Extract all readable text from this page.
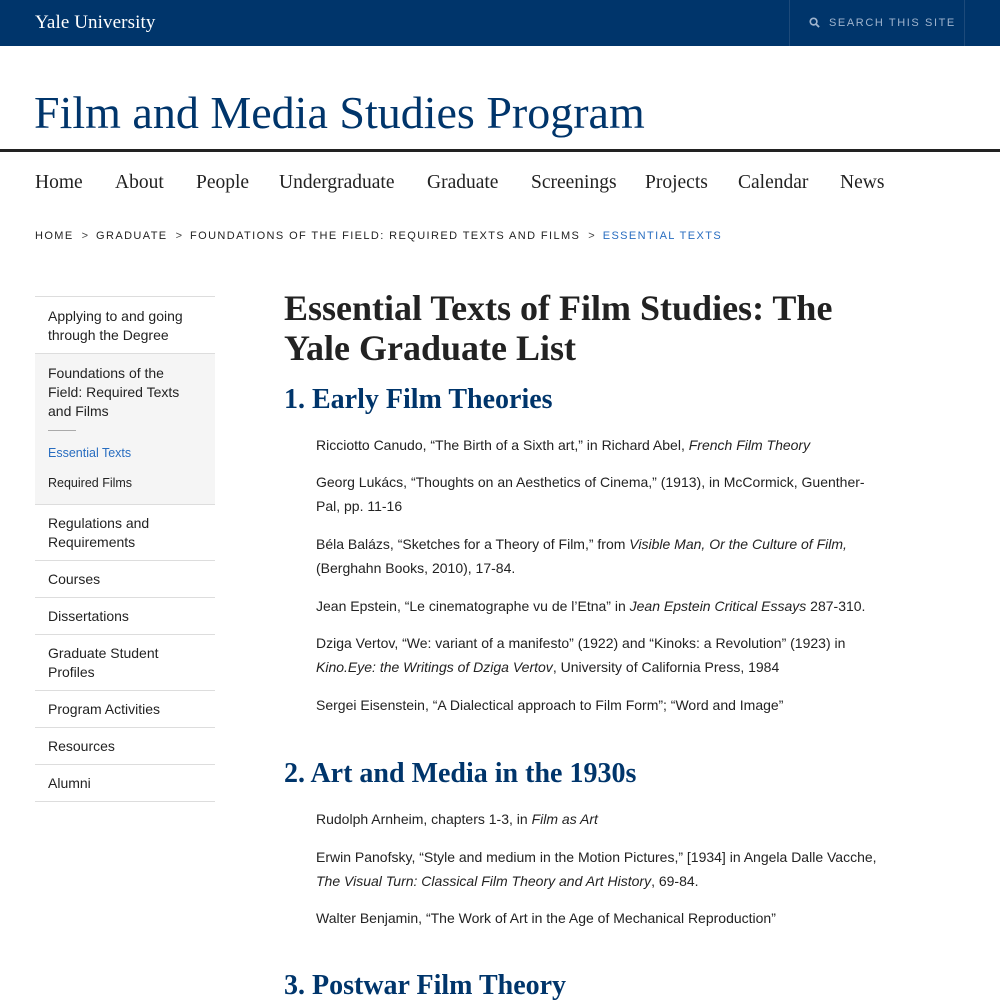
Yale University	SEARCH THIS SITE
Film and Media Studies Program
Home About People Undergraduate Graduate Screenings Projects Calendar News
HOME > GRADUATE > FOUNDATIONS OF THE FIELD: REQUIRED TEXTS AND FILMS > ESSENTIAL TEXTS
Applying to and going through the Degree
Foundations of the Field: Required Texts and Films
Essential Texts
Required Films
Regulations and Requirements
Courses
Dissertations
Graduate Student Profiles
Program Activities
Resources
Alumni
Essential Texts of Film Studies: The Yale Graduate List
1. Early Film Theories

Ricciotto Canudo, “The Birth of a Sixth art,” in Richard Abel, French Film Theory

Georg Lukács, “Thoughts on an Aesthetics of Cinema,” (1913), in McCormick, Guenther-Pal, pp. 11-16

Béla Balázs, “Sketches for a Theory of Film,” from Visible Man, Or the Culture of Film, (Berghahn Books, 2010), 17-84.

Jean Epstein, “Le cinematographe vu de l’Etna” in Jean Epstein Critical Essays 287-310.

Dziga Vertov, “We: variant of a manifesto” (1922) and “Kinoks: a Revolution” (1923) in Kino.Eye: the Writings of Dziga Vertov, University of California Press, 1984

Sergei Eisenstein, “A Dialectical approach to Film Form”; “Word and Image”

2. Art and Media in the 1930s

Rudolph Arnheim, chapters 1-3, in Film as Art

Erwin Panofsky, “Style and medium in the Motion Pictures,” [1934] in Angela Dalle Vacche, The Visual Turn: Classical Film Theory and Art History, 69-84.

Walter Benjamin, “The Work of Art in the Age of Mechanical Reproduction”

3. Postwar Film Theory
